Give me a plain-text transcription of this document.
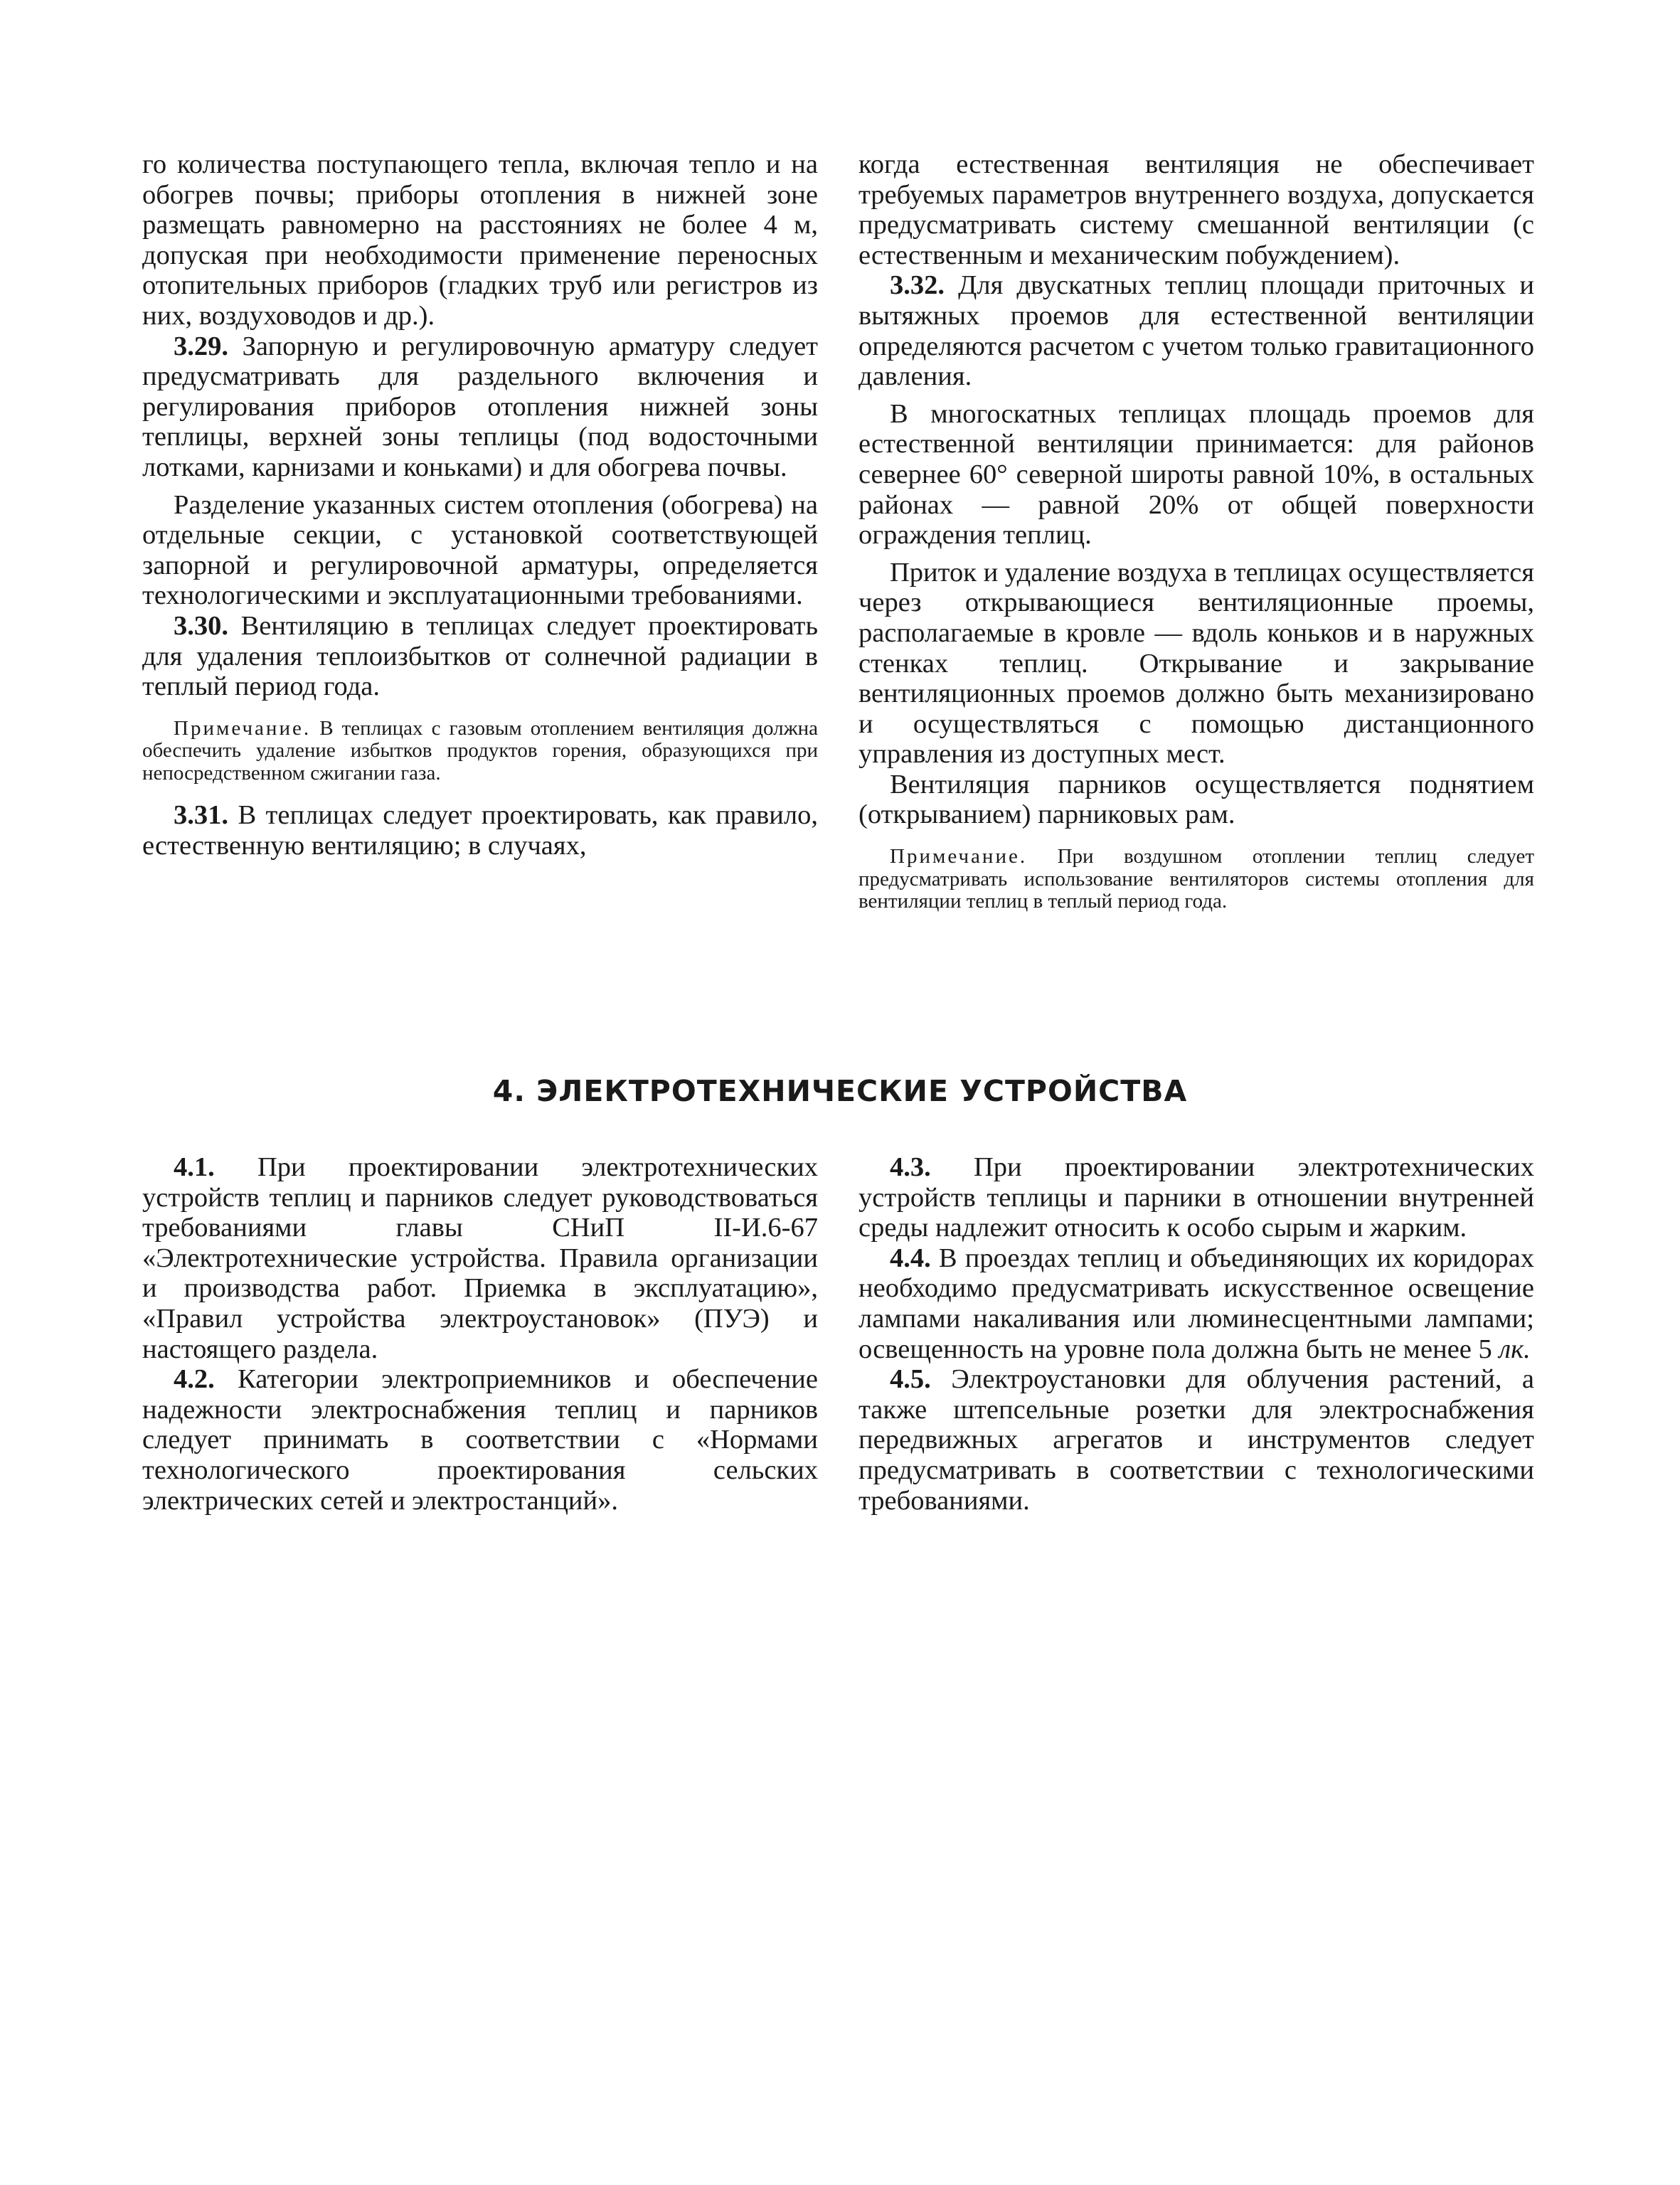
го количества поступающего тепла, включая тепло и на обогрев почвы; приборы отопления в нижней зоне размещать равномерно на расстояниях не более 4 м, допуская при необходимости применение переносных отопительных приборов (гладких труб или регистров из них, воздуховодов и др.).

3.29. Запорную и регулировочную арматуру следует предусматривать для раздельного включения и регулирования приборов отопления нижней зоны теплицы, верхней зоны теплицы (под водосточными лотками, карнизами и коньками) и для обогрева почвы.

Разделение указанных систем отопления (обогрева) на отдельные секции, с установкой соответствующей запорной и регулировочной арматуры, определяется технологическими и эксплуатационными требованиями.

3.30. Вентиляцию в теплицах следует проектировать для удаления теплоизбытков от солнечной радиации в теплый период года.

Примечание. В теплицах с газовым отоплением вентиляция должна обеспечить удаление избытков продуктов горения, образующихся при непосредственном сжигании газа.

3.31. В теплицах следует проектировать, как правило, естественную вентиляцию; в случаях,

когда естественная вентиляция не обеспечивает требуемых параметров внутреннего воздуха, допускается предусматривать систему смешанной вентиляции (с естественным и механическим побуждением).

3.32. Для двускатных теплиц площади приточных и вытяжных проемов для естественной вентиляции определяются расчетом с учетом только гравитационного давления.

В многоскатных теплицах площадь проемов для естественной вентиляции принимается: для районов севернее 60° северной широты равной 10%, в остальных районах — равной 20% от общей поверхности ограждения теплиц.

Приток и удаление воздуха в теплицах осуществляется через открывающиеся вентиляционные проемы, располагаемые в кровле — вдоль коньков и в наружных стенках теплиц. Открывание и закрывание вентиляционных проемов должно быть механизировано и осуществляться с помощью дистанционного управления из доступных мест.

Вентиляция парников осуществляется поднятием (открыванием) парниковых рам.

Примечание. При воздушном отоплении теплиц следует предусматривать использование вентиляторов системы отопления для вентиляции теплиц в теплый период года.

4. ЭЛЕКТРОТЕХНИЧЕСКИЕ УСТРОЙСТВА

4.1. При проектировании электротехнических устройств теплиц и парников следует руководствоваться требованиями главы СНиП II-И.6-67 «Электротехнические устройства. Правила организации и производства работ. Приемка в эксплуатацию», «Правил устройства электроустановок» (ПУЭ) и настоящего раздела.

4.2. Категории электроприемников и обеспечение надежности электроснабжения теплиц и парников следует принимать в соответствии с «Нормами технологического проектирования сельских электрических сетей и электростанций».

4.3. При проектировании электротехнических устройств теплицы и парники в отношении внутренней среды надлежит относить к особо сырым и жарким.

4.4. В проездах теплиц и объединяющих их коридорах необходимо предусматривать искусственное освещение лампами накаливания или люминесцентными лампами; освещенность на уровне пола должна быть не менее 5 лк.

4.5. Электроустановки для облучения растений, а также штепсельные розетки для электроснабжения передвижных агрегатов и инструментов следует предусматривать в соответствии с технологическими требованиями.
